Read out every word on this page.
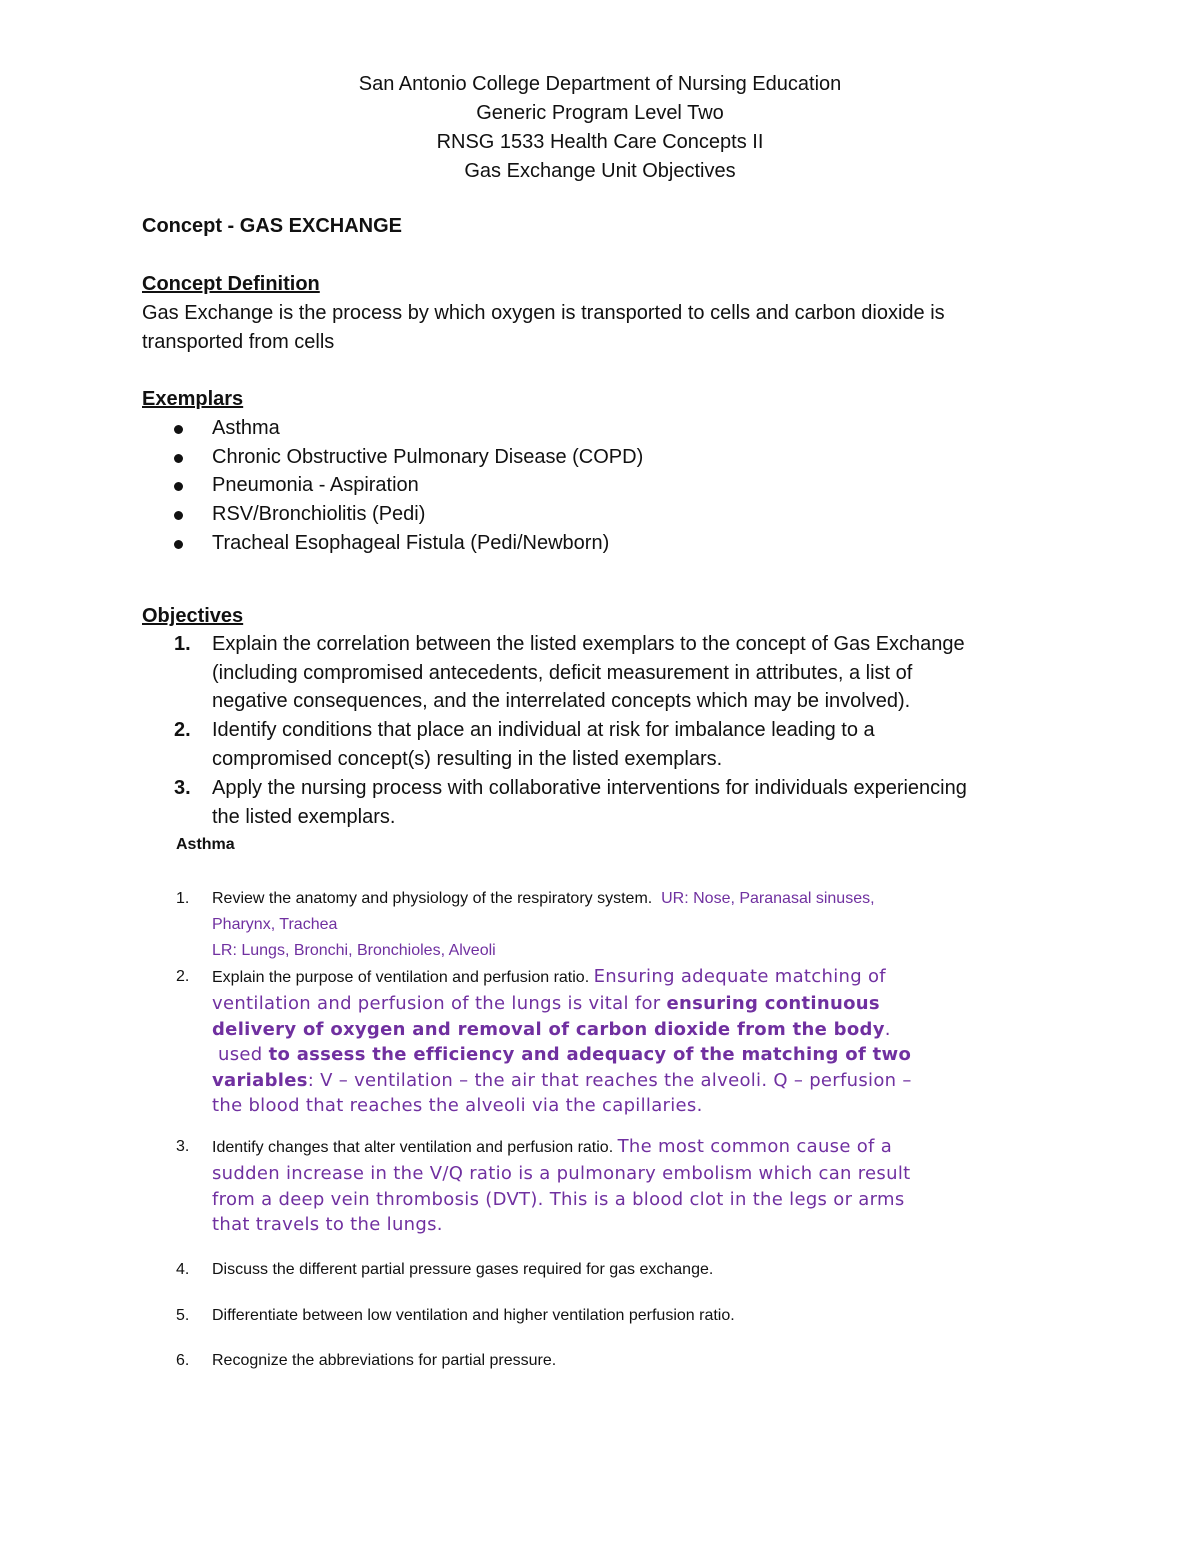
San Antonio College Department of Nursing Education
Generic Program Level Two
RNSG 1533 Health Care Concepts II
Gas Exchange Unit Objectives
Concept - GAS EXCHANGE
Concept Definition
Gas Exchange is the process by which oxygen is transported to cells and carbon dioxide is
transported from cells
Exemplars
Asthma
Chronic Obstructive Pulmonary Disease (COPD)
Pneumonia - Aspiration
RSV/Bronchiolitis (Pedi)
Tracheal Esophageal Fistula (Pedi/Newborn)
Objectives
1. Explain the correlation between the listed exemplars to the concept of Gas Exchange
(including compromised antecedents, deficit measurement in attributes, a list of
negative consequences, and the interrelated concepts which may be involved).
2. Identify conditions that place an individual at risk for imbalance leading to a
compromised concept(s) resulting in the listed exemplars.
3. Apply the nursing process with collaborative interventions for individuals experiencing
the listed exemplars.
Asthma
1. Review the anatomy and physiology of the respiratory system. UR: Nose, Paranasal sinuses,
Pharynx, Trachea
LR: Lungs, Bronchi, Bronchioles, Alveoli
2. Explain the purpose of ventilation and perfusion ratio. Ensuring adequate matching of
ventilation and perfusion of the lungs is vital for ensuring continuous
delivery of oxygen and removal of carbon dioxide from the body.
used to assess the efficiency and adequacy of the matching of two
variables: V – ventilation – the air that reaches the alveoli. Q – perfusion –
the blood that reaches the alveoli via the capillaries.
3. Identify changes that alter ventilation and perfusion ratio. The most common cause of a
sudden increase in the V/Q ratio is a pulmonary embolism which can result
from a deep vein thrombosis (DVT). This is a blood clot in the legs or arms
that travels to the lungs.
4. Discuss the different partial pressure gases required for gas exchange.
5. Differentiate between low ventilation and higher ventilation perfusion ratio.
6. Recognize the abbreviations for partial pressure.
